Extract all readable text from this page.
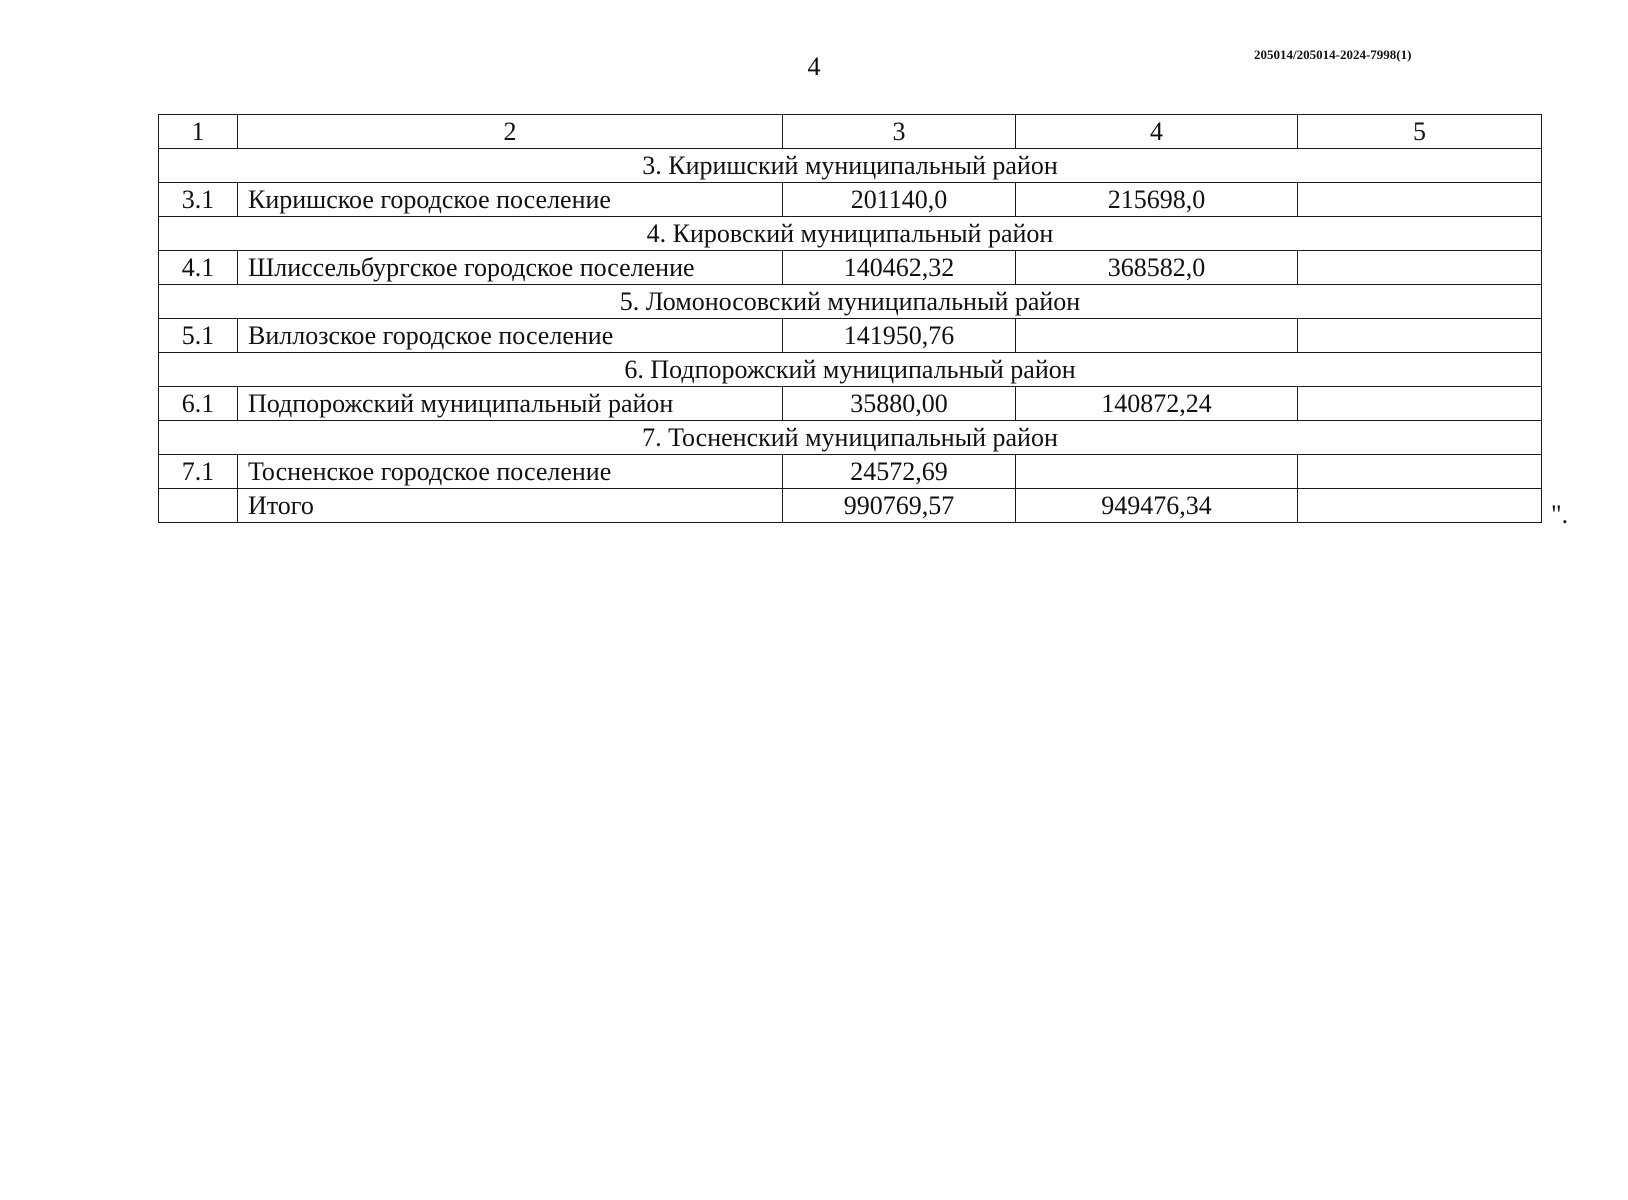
4	205014/205014-2024-7998(1)
1	2	3	4	5
3. Киришский муниципальный район				
3.1	Киришское городское поселение	201140,0	215698,0	
4. Кировский муниципальный район				
4.1	Шлиссельбургское городское поселение	140462,32	368582,0	
5. Ломоносовский муниципальный район				
5.1	Виллозское городское поселение	141950,76		
6. Подпорожский муниципальный район				
6.1	Подпорожский муниципальный район	35880,00	140872,24	
7. Тосненский муниципальный район				
7.1	Тосненское городское поселение	24572,69		
	Итого	990769,57	949476,34		".
